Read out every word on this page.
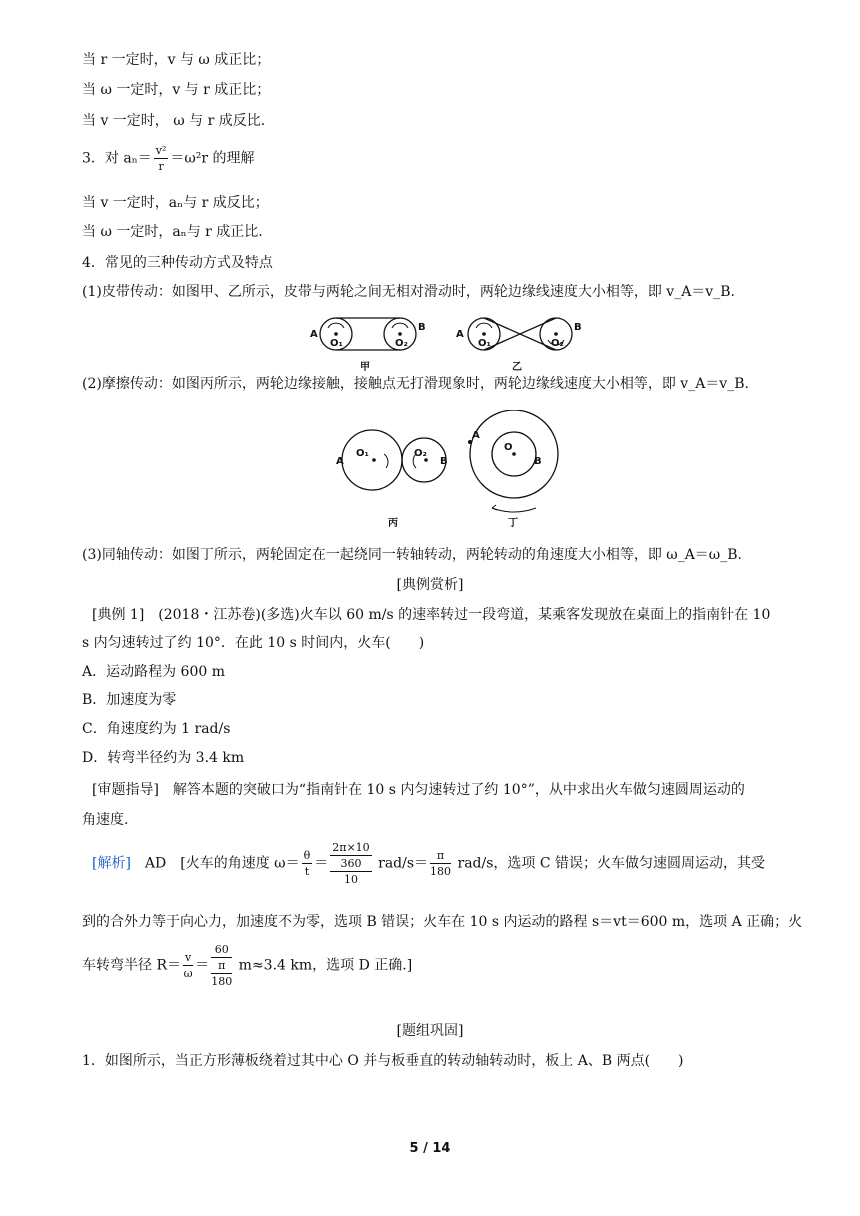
当 r 一定时，v 与 ω 成正比；
当 ω 一定时，v 与 r 成正比；
当 v 一定时， ω 与 r 成反比.
3．对 $a_n= \frac{\text{v²}}{r} =\omega^2r$ 的理解
当 v 一定时，aₙ与 r 成反比；
当 ω 一定时，aₙ与 r 成正比.
4．常见的三种传动方式及特点
(1)皮带传动：如图甲、乙所示，皮带与两轮之间无相对滑动时，两轮边缘线速度大小相等，即 v_A＝v_B.
A
B
O₁	O₂
甲
A
B
O₁	O₂
乙
(2)摩擦传动：如图丙所示，两轮边缘接触，接触点无打滑现象时，两轮边缘线速度大小相等，即 v_A＝v_B.
A	B
O₁	O₂
丙
A
O
B
丁
(3)同轴传动：如图丁所示，两轮固定在一起绕同一转轴转动，两轮转动的角速度大小相等，即 ω_A＝ω_B.
[典例赏析]
[典例 1]　(2018・江苏卷)(多选)火车以 60 m/s 的速率转过一段弯道，某乘客发现放在桌面上的指南针在 10
s 内匀速转过了约 10°．在此 10 s 时间内，火车(　　)
A．运动路程为 600 m
B．加速度为零
C．角速度约为 1 rad/s
D．转弯半径约为 3.4 km
[审题指导]　解答本题的突破口为“指南针在 10 s 内匀速转过了约 10°”，从中求出火车做匀速圆周运动的
角速度.
[解析]　AD　[火车的角速度 $\omega= \frac{\theta}{t} = 2\pi\times 10$
360
10 $rad/s= \frac{\pi}{180} rad/s$，选项 C 错误；火车做匀速圆周运动，其受
到的合外力等于向心力，加速度不为零，选项 B 错误；火车在 10 s 内运动的路程 s＝vt＝600 m，选项 A 正确；火
车转弯半径 $R= \frac{v}{\omega} = 60$
π
180 m≈3.4 km，选项 D 正确.]
[题组巩固]
1．如图所示，当正方形薄板绕着过其中心 O 并与板垂直的转动轴转动时，板上 A、B 两点(　　)
5 / 14
